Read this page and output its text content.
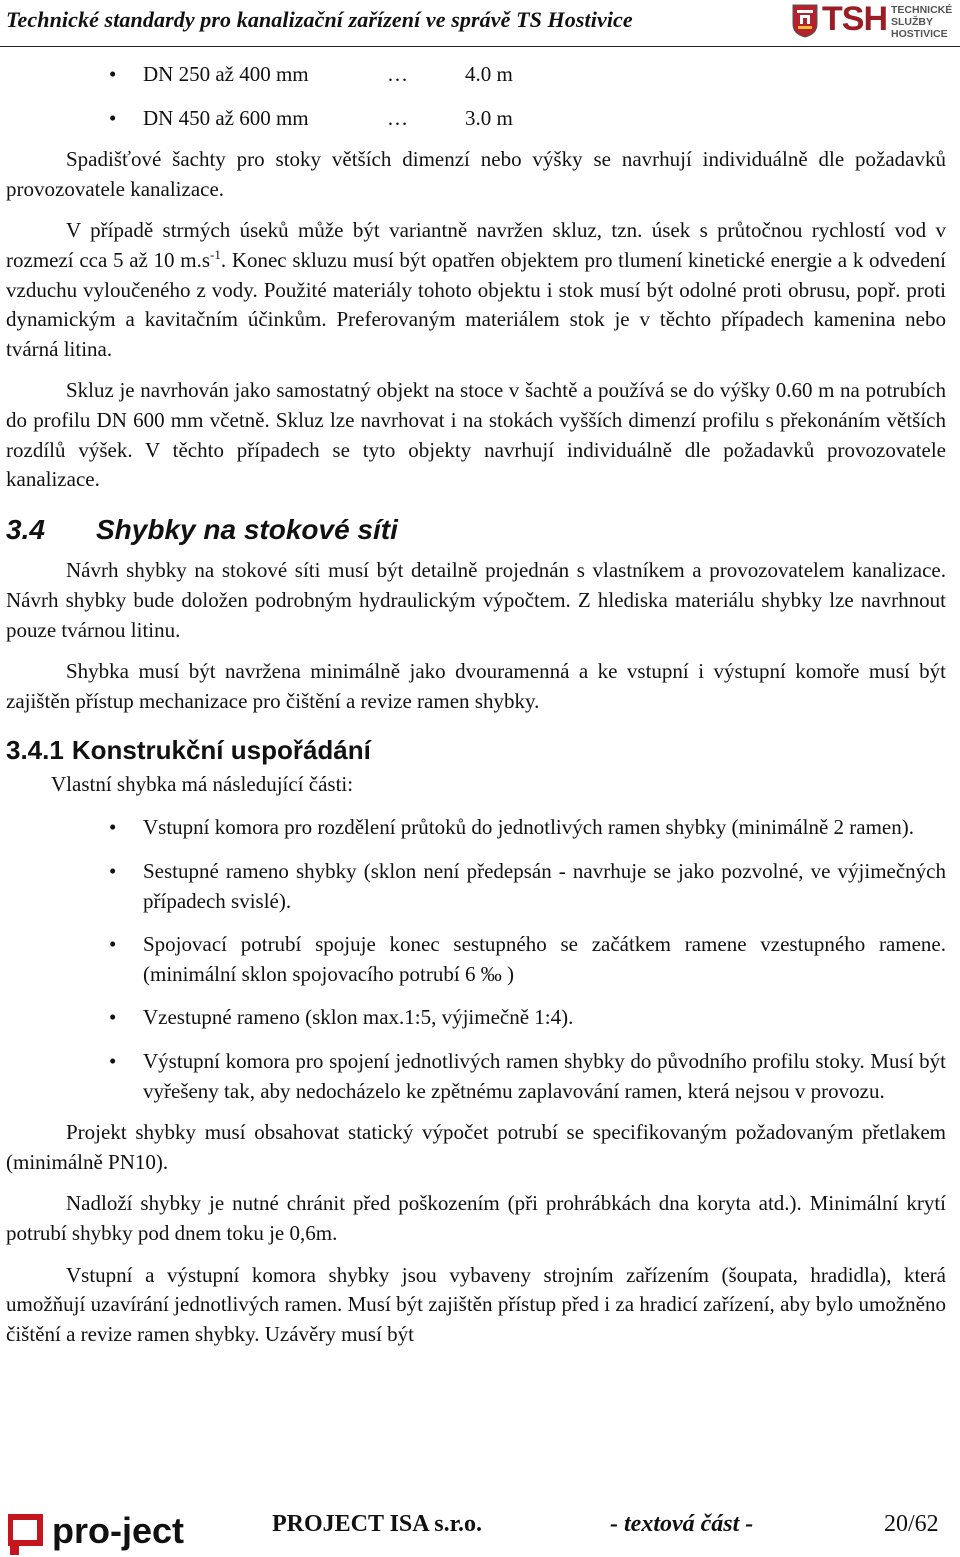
Technické standardy pro kanalizační zařízení ve správě TS Hostivice	TSH TECHNICKÉ
SLUŽBY
HOSTIVICE
• DN 250 až 400 mm	…	4.0 m
• DN 450 až 600 mm	…	3.0 m

Spadišťové šachty pro stoky větších dimenzí nebo výšky se navrhují individuálně dle požadavků provozovatele kanalizace.

V případě strmých úseků může být variantně navržen skluz, tzn. úsek s průtočnou rychlostí vod v rozmezí cca 5 až 10 $m.s^{-1}$. Konec skluzu musí být opatřen objektem pro tlumení kinetické energie a k odvedení vzduchu vyloučeného z vody. Použité materiály tohoto objektu i stok musí být odolné proti obrusu, popř. proti dynamickým a kavitačním účinkům. Preferovaným materiálem stok je v těchto případech kamenina nebo tvárná litina.

Skluz je navrhován jako samostatný objekt na stoce v šachtě a používá se do výšky 0.60 m na potrubích do profilu DN 600 mm včetně. Skluz lze navrhovat i na stokách vyšších dimenzí profilu s překonáním větších rozdílů výšek. V těchto případech se tyto objekty navrhují individuálně dle požadavků provozovatele kanalizace.

3.4 Shybky na stokové síti

Návrh shybky na stokové síti musí být detailně projednán s vlastníkem a provozovatelem kanalizace. Návrh shybky bude doložen podrobným hydraulickým výpočtem. Z hlediska materiálu shybky lze navrhnout pouze tvárnou litinu.

Shybka musí být navržena minimálně jako dvouramenná a ke vstupní i výstupní komoře musí být zajištěn přístup mechanizace pro čištění a revize ramen shybky.

3.4.1 Konstrukční uspořádání

Vlastní shybka má následující části:

• Vstupní komora pro rozdělení průtoků do jednotlivých ramen shybky (minimálně 2 ramen).
• Sestupné rameno shybky (sklon není předepsán - navrhuje se jako pozvolné, ve výjimečných případech svislé).
• Spojovací potrubí spojuje konec sestupného se začátkem ramene vzestupného ramene. (minimální sklon spojovacího potrubí 6 ‰ )
• Vzestupné rameno (sklon max.1:5, výjimečně 1:4).
• Výstupní komora pro spojení jednotlivých ramen shybky do původního profilu stoky. Musí být vyřešeny tak, aby nedocházelo ke zpětnému zaplavování ramen, která nejsou v provozu.

Projekt shybky musí obsahovat statický výpočet potrubí se specifikovaným požadovaným přetlakem (minimálně PN10).

Nadloží shybky je nutné chránit před poškozením (při prohrábkách dna koryta atd.). Minimální krytí potrubí shybky pod dnem toku je 0,6m.

Vstupní a výstupní komora shybky jsou vybaveny strojním zařízením (šoupata, hradidla), která umožňují uzavírání jednotlivých ramen. Musí být zajištěn přístup před i za hradicí zařízení, aby bylo umožněno čištění a revize ramen shybky. Uzávěry musí být

pro-ject	PROJECT ISA s.r.o.	- textová část -	20/62
